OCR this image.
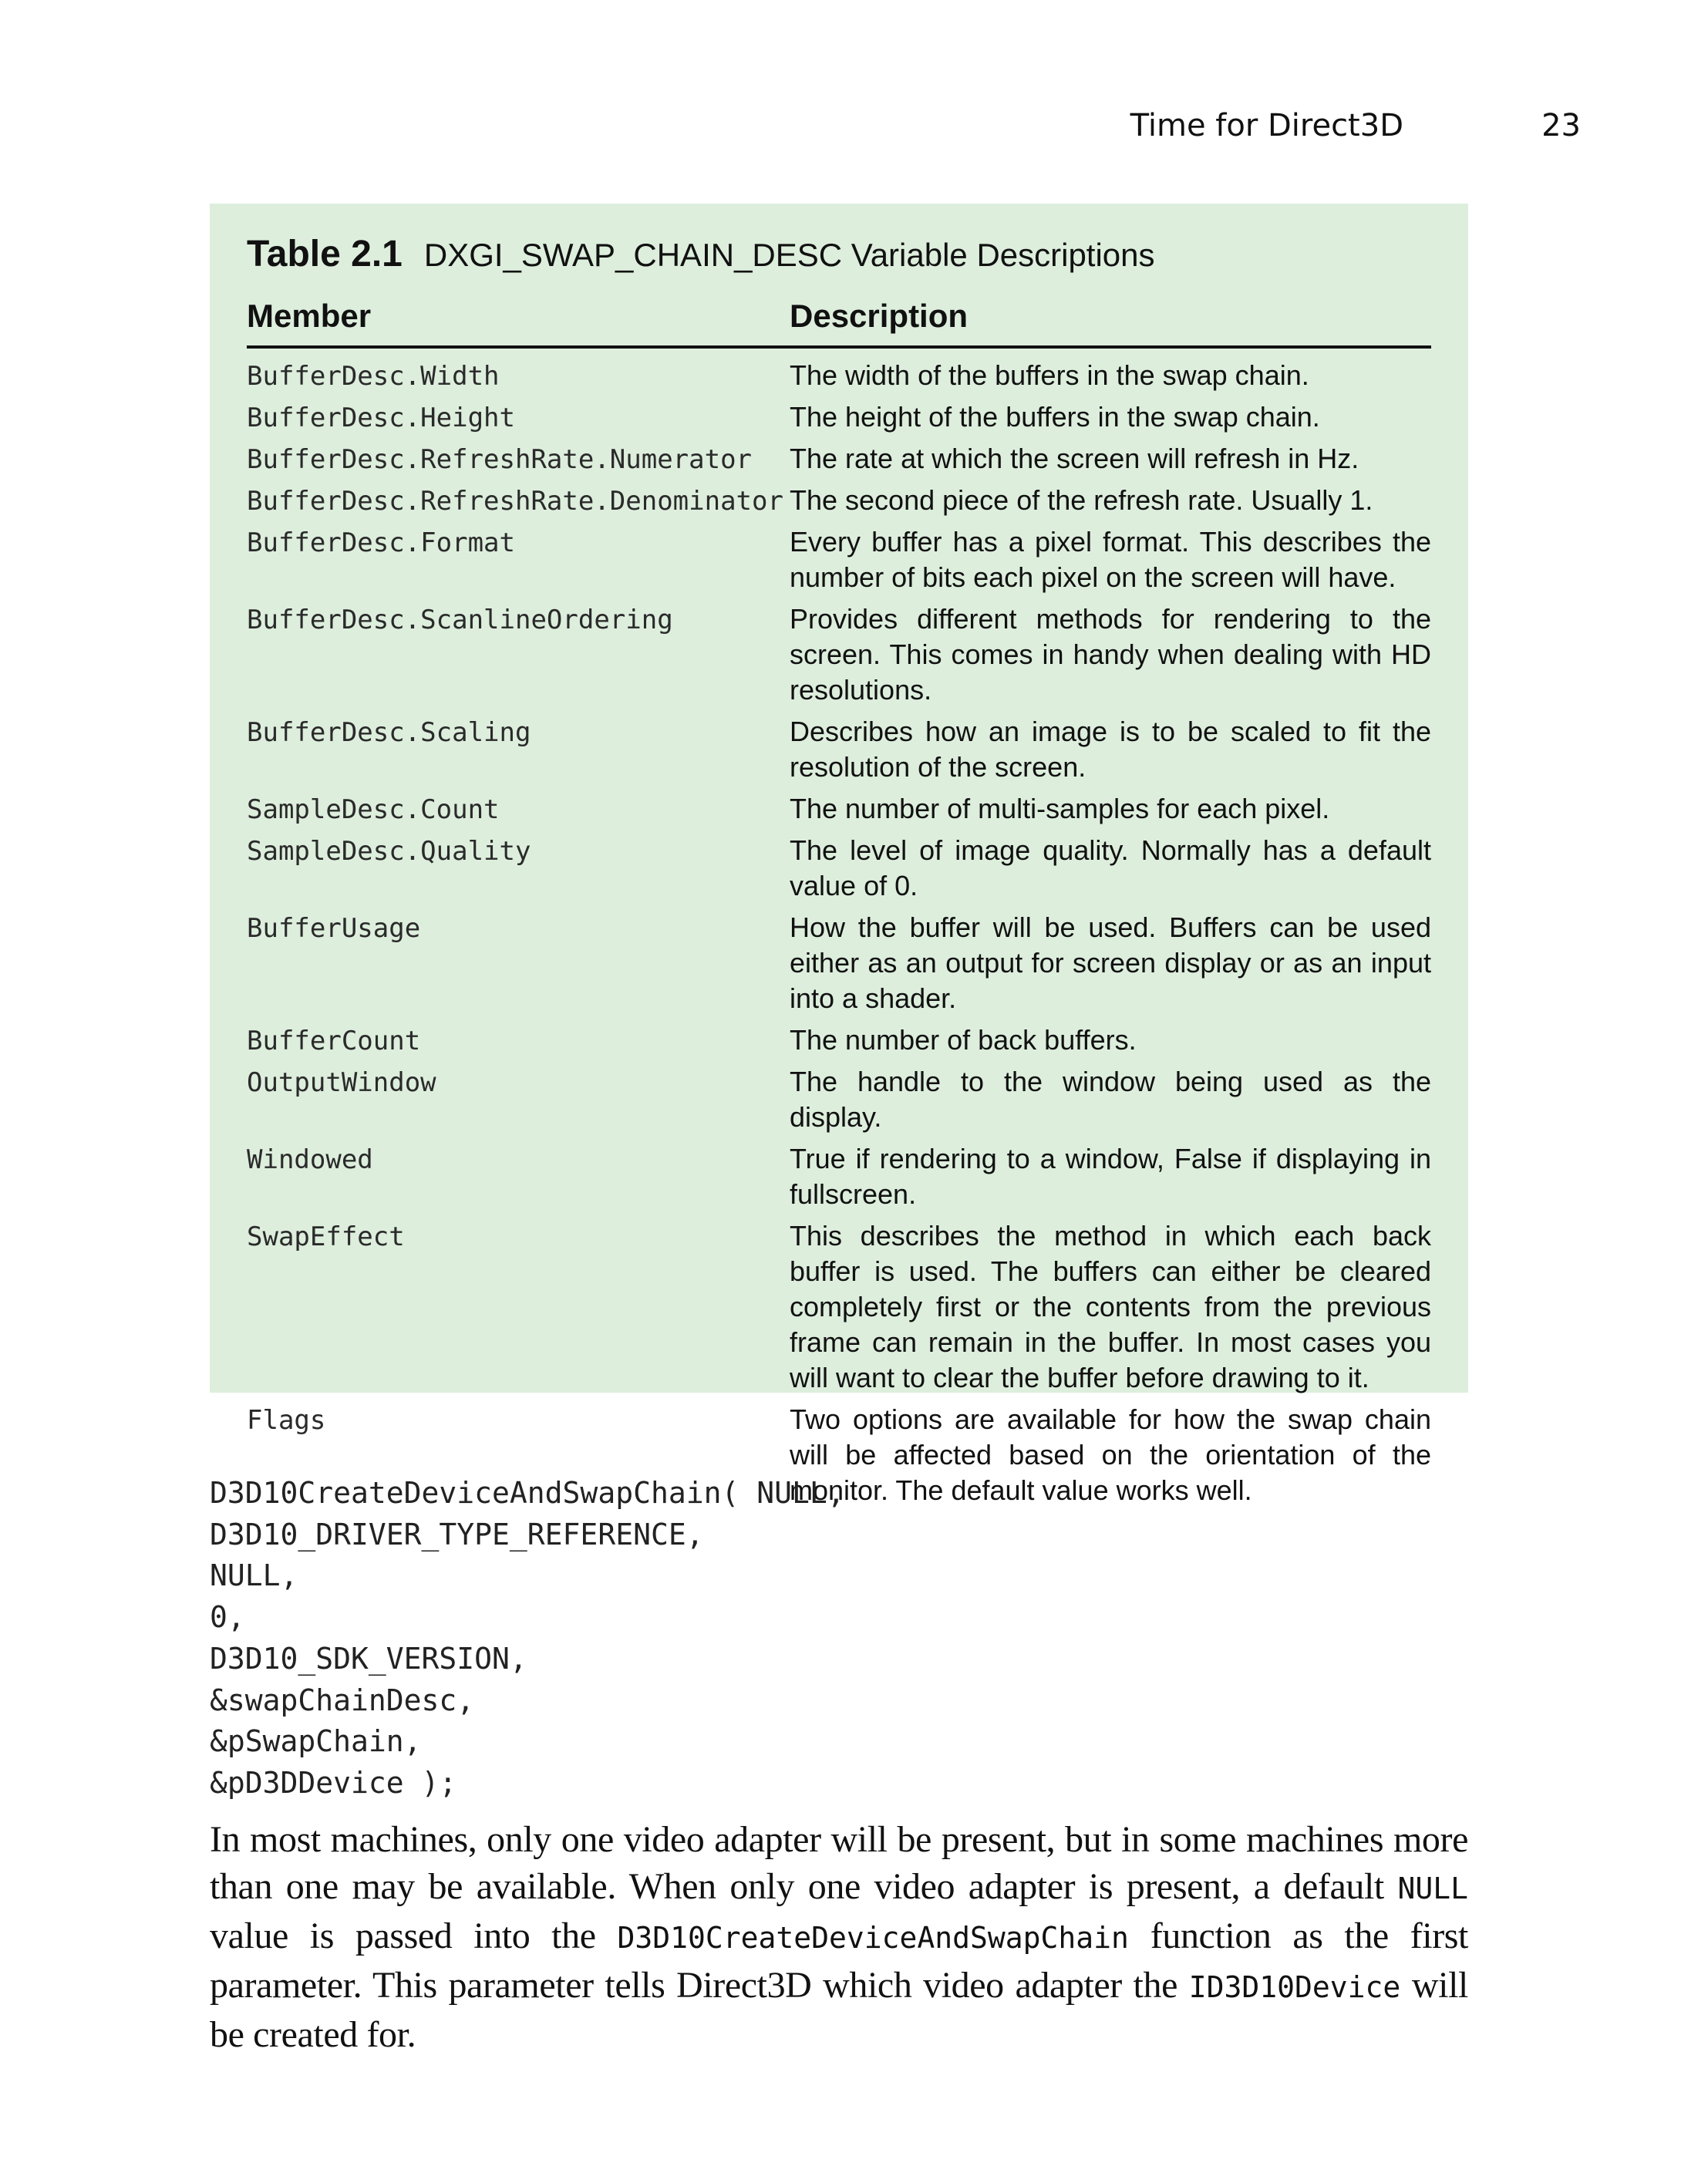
Time for Direct3D	23
Table 2.1 DXGI_SWAP_CHAIN_DESC Variable Descriptions
Member	Description
BufferDesc.Width	The width of the buffers in the swap chain.
BufferDesc.Height	The height of the buffers in the swap chain.
BufferDesc.RefreshRate.Numerator The rate at which the screen will refresh in Hz.
BufferDesc.RefreshRate.Denominator The second piece of the refresh rate. Usually 1.
BufferDesc.Format	Every buffer has a pixel format. This describes the number of bits each pixel on the screen will have.
BufferDesc.ScanlineOrdering	Provides different methods for rendering to the screen. This comes in handy when dealing with HD resolutions.
BufferDesc.Scaling	Describes how an image is to be scaled to fit the resolution of the screen.
SampleDesc.Count	The number of multi-samples for each pixel.
SampleDesc.Quality	The level of image quality. Normally has a default value of 0.
BufferUsage	How the buffer will be used. Buffers can be used either as an output for screen display or as an input into a shader.
BufferCount	The number of back buffers.
OutputWindow	The handle to the window being used as the display.
Windowed	True if rendering to a window, False if displaying in fullscreen.
SwapEffect	This describes the method in which each back buffer is used. The buffers can either be cleared completely first or the contents from the previous frame can remain in the buffer. In most cases you will want to clear the buffer before drawing to it.
Flags	Two options are available for how the swap chain will be affected based on the orientation of the monitor. The default value works well.
D3D10CreateDeviceAndSwapChain( NULL,
D3D10_DRIVER_TYPE_REFERENCE,
NULL,
0,
D3D10_SDK_VERSION,
&swapChainDesc,
&pSwapChain,
&pD3DDevice );

In most machines, only one video adapter will be present, but in some machines more than one may be available. When only one video adapter is present, a default NULL value is passed into the D3D10CreateDeviceAndSwapChain function as the first parameter. This parameter tells Direct3D which video adapter the ID3D10Device will be created for.
